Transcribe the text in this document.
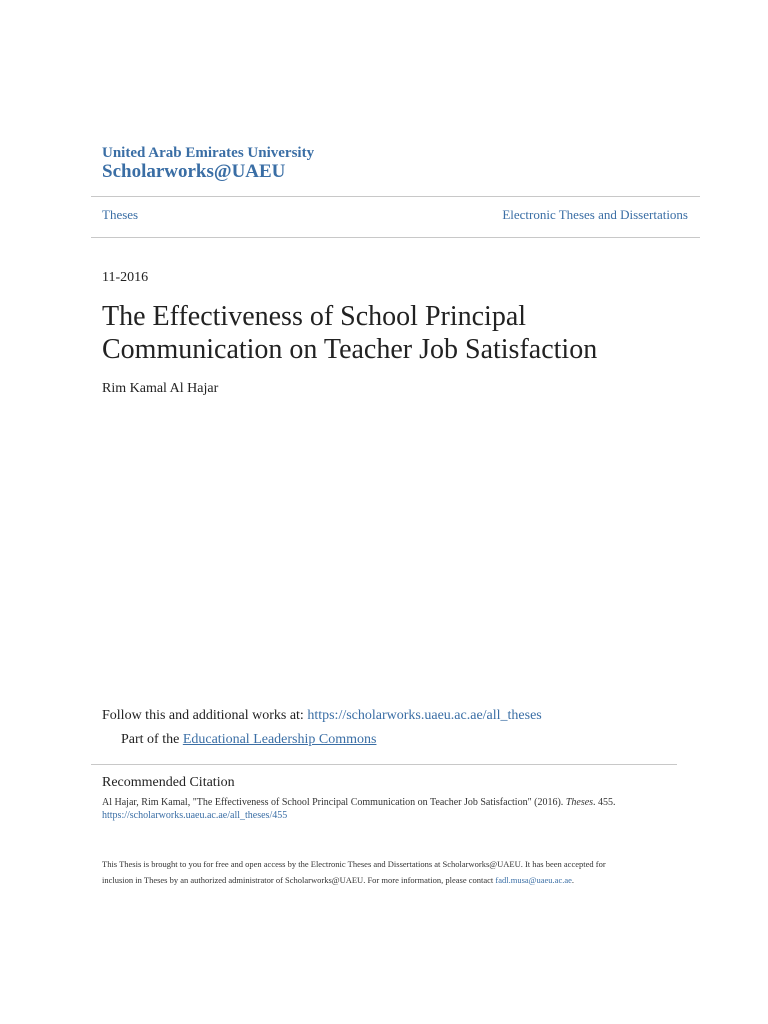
United Arab Emirates University
Scholarworks@UAEU
Theses	Electronic Theses and Dissertations
11-2016
The Effectiveness of School Principal
Communication on Teacher Job Satisfaction
Rim Kamal Al Hajar
Follow this and additional works at: https://scholarworks.uaeu.ac.ae/all_theses
Part of the Educational Leadership Commons
Recommended Citation
Al Hajar, Rim Kamal, "The Effectiveness of School Principal Communication on Teacher Job Satisfaction" (2016). Theses. 455.
https://scholarworks.uaeu.ac.ae/all_theses/455
This Thesis is brought to you for free and open access by the Electronic Theses and Dissertations at Scholarworks@UAEU. It has been accepted for
inclusion in Theses by an authorized administrator of Scholarworks@UAEU. For more information, please contact fadl.musa@uaeu.ac.ae.
